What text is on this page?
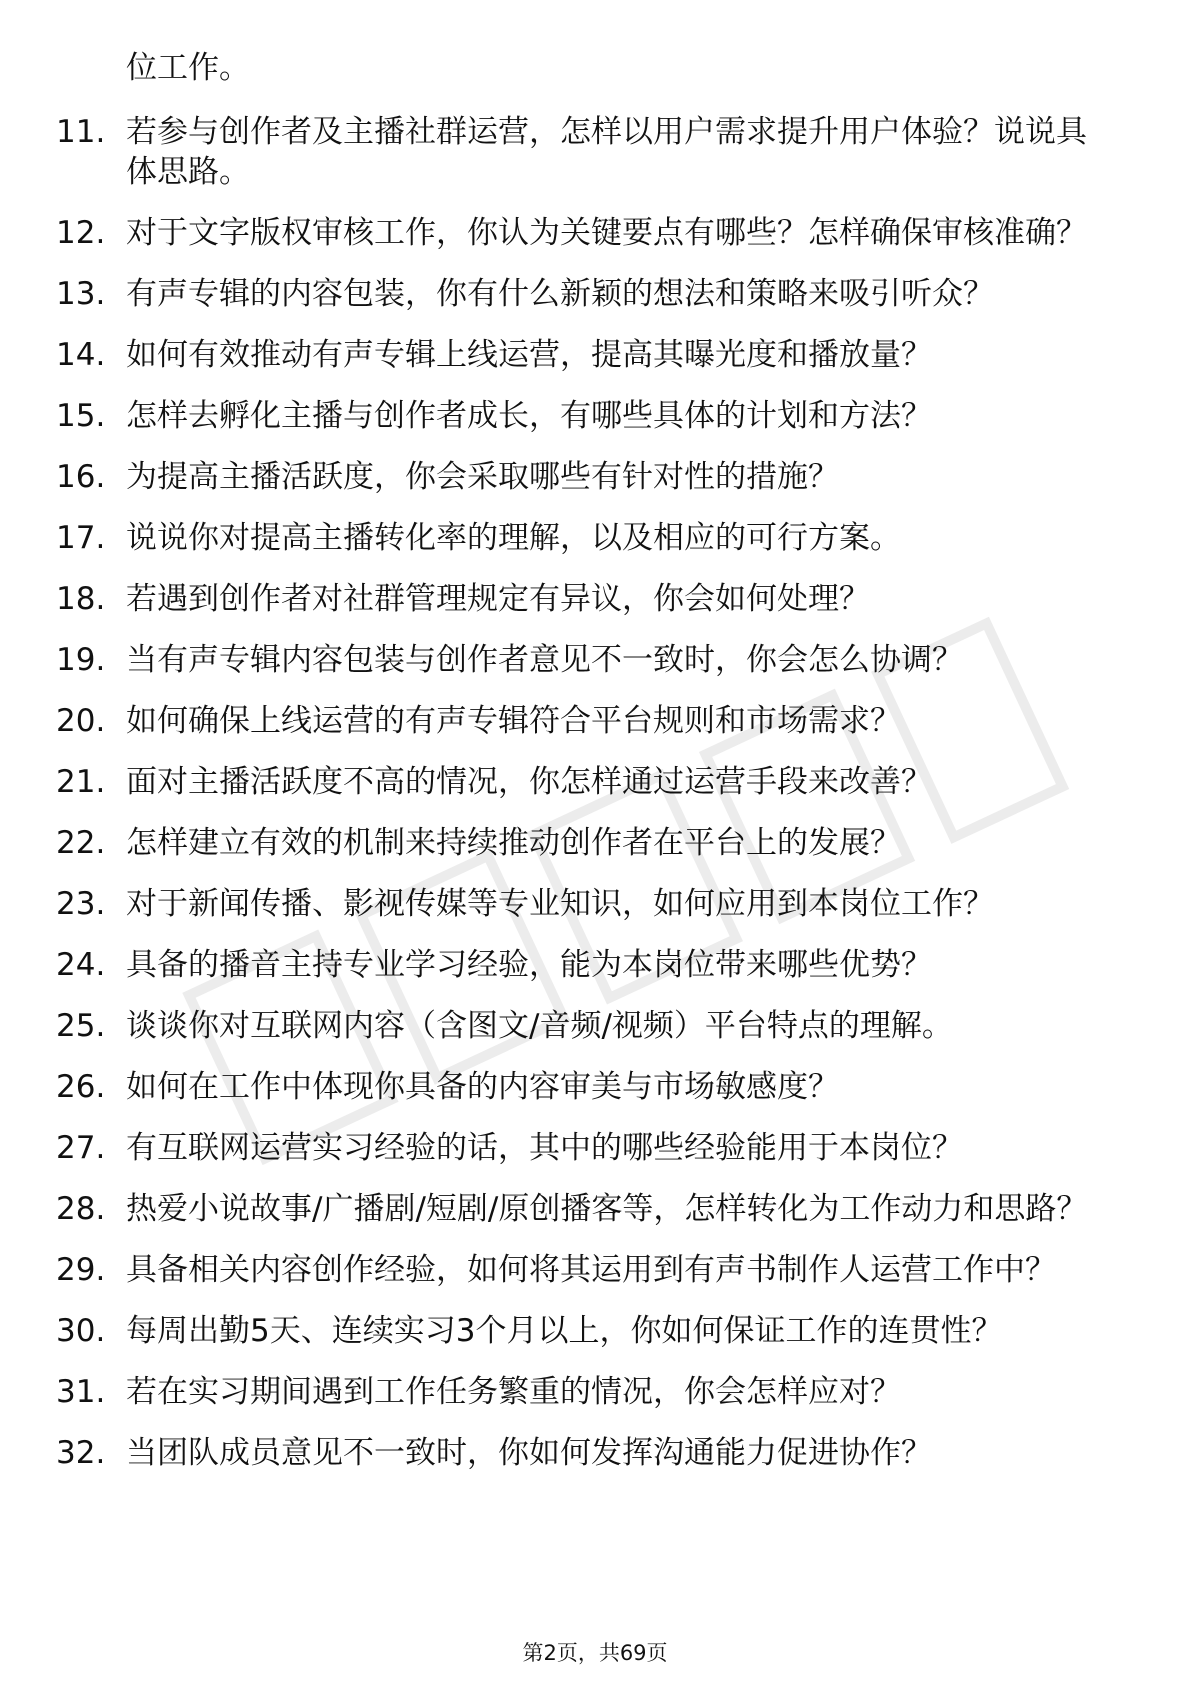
位工作。
11. 若参与创作者及主播社群运营，怎样以用户需求提升用户体验？说说具体思路。
12. 对于文字版权审核工作，你认为关键要点有哪些？怎样确保审核准确？
13. 有声专辑的内容包装，你有什么新颖的想法和策略来吸引听众？
14. 如何有效推动有声专辑上线运营，提高其曝光度和播放量？
15. 怎样去孵化主播与创作者成长，有哪些具体的计划和方法？
16. 为提高主播活跃度，你会采取哪些有针对性的措施？
17. 说说你对提高主播转化率的理解，以及相应的可行方案。
18. 若遇到创作者对社群管理规定有异议，你会如何处理？
19. 当有声专辑内容包装与创作者意见不一致时，你会怎么协调？
20. 如何确保上线运营的有声专辑符合平台规则和市场需求？
21. 面对主播活跃度不高的情况，你怎样通过运营手段来改善？
22. 怎样建立有效的机制来持续推动创作者在平台上的发展？
23. 对于新闻传播、影视传媒等专业知识，如何应用到本岗位工作？
24. 具备的播音主持专业学习经验，能为本岗位带来哪些优势？
25. 谈谈你对互联网内容（含图文/音频/视频）平台特点的理解。
26. 如何在工作中体现你具备的内容审美与市场敏感度？
27. 有互联网运营实习经验的话，其中的哪些经验能用于本岗位？
28. 热爱小说故事/广播剧/短剧/原创播客等，怎样转化为工作动力和思路？
29. 具备相关内容创作经验，如何将其运用到有声书制作人运营工作中？
30. 每周出勤5天、连续实习3个月以上，你如何保证工作的连贯性？
31. 若在实习期间遇到工作任务繁重的情况，你会怎样应对？
32. 当团队成员意见不一致时，你如何发挥沟通能力促进协作？
第2页，共69页
